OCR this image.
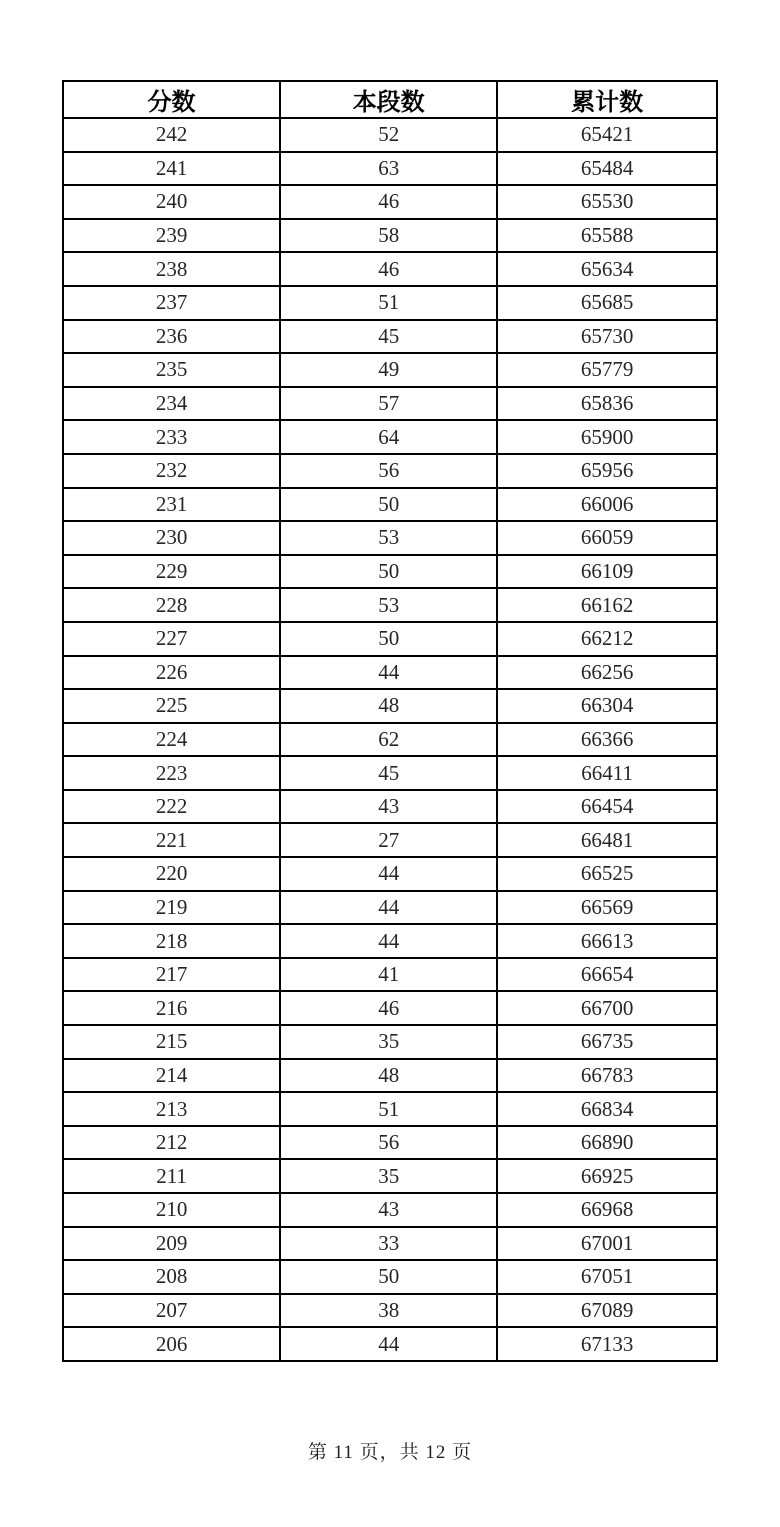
分数	本段数	累计数
242	52	65421
241	63	65484
240	46	65530
239	58	65588
238	46	65634
237	51	65685
236	45	65730
235	49	65779
234	57	65836
233	64	65900
232	56	65956
231	50	66006
230	53	66059
229	50	66109
228	53	66162
227	50	66212
226	44	66256
225	48	66304
224	62	66366
223	45	66411
222	43	66454
221	27	66481
220	44	66525
219	44	66569
218	44	66613
217	41	66654
216	46	66700
215	35	66735
214	48	66783
213	51	66834
212	56	66890
211	35	66925
210	43	66968
209	33	67001
208	50	67051
207	38	67089
206	44	67133
第 11 页，共 12 页
